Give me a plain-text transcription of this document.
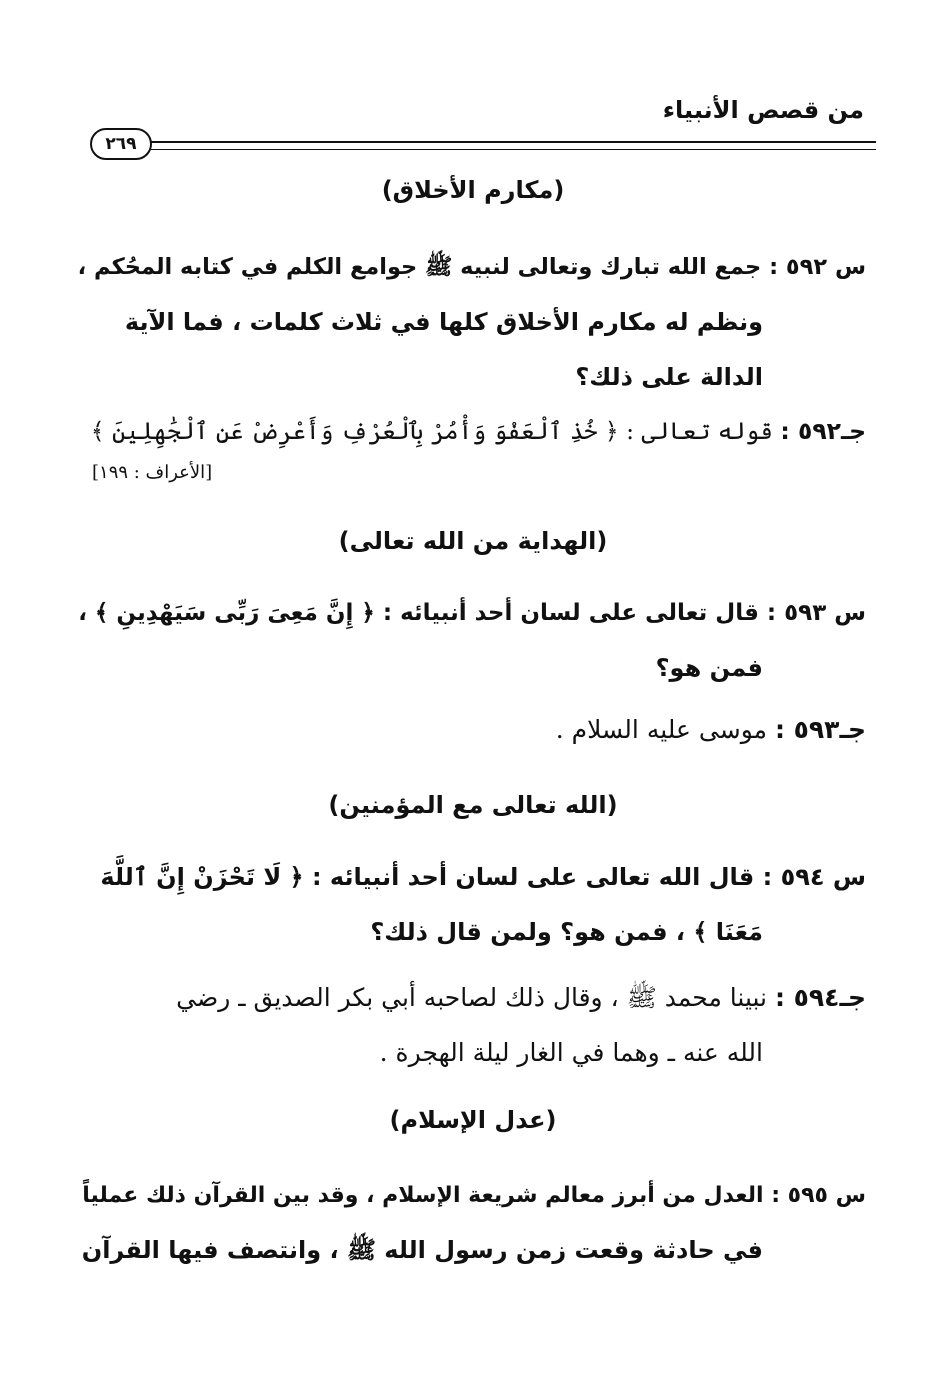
من قصص الأنبياء
٢٦٩
(مكارم الأخلاق)
س ٥٩٢ : جمع الله تبارك وتعالى لنبيه ﷺ جوامع الكلم في كتابه المحُكم ،
ونظم له مكارم الأخلاق كلها في ثلاث كلمات ، فما الآية
الدالة على ذلك؟
جـ٥٩٢ : قوله تعالى : ﴿ خُذِ ٱلْعَفْوَ وَأْمُرْ بِٱلْعُرْفِ وَأَعْرِضْ عَنِ ٱلْجَٰهِلِينَ ﴾
[الأعراف : ١٩٩]
(الهداية من الله تعالى)
س ٥٩٣ : قال تعالى على لسان أحد أنبيائه : ﴿ إِنَّ مَعِىَ رَبِّى سَيَهْدِينِ ﴾ ،
فمن هو؟
جـ٥٩٣ : موسى عليه السلام .
(الله تعالى مع المؤمنين)
س ٥٩٤ : قال الله تعالى على لسان أحد أنبيائه : ﴿ لَا تَحْزَنْ إِنَّ ٱللَّهَ
مَعَنَا ﴾ ، فمن هو؟ ولمن قال ذلك؟
جـ٥٩٤ : نبينا محمد ﷺ ، وقال ذلك لصاحبه أبي بكر الصديق ـ رضي
الله عنه ـ وهما في الغار ليلة الهجرة .
(عدل الإسلام)
س ٥٩٥ : العدل من أبرز معالم شريعة الإسلام ، وقد بين القرآن ذلك عملياً
في حادثة وقعت زمن رسول الله ﷺ ، وانتصف فيها القرآن
